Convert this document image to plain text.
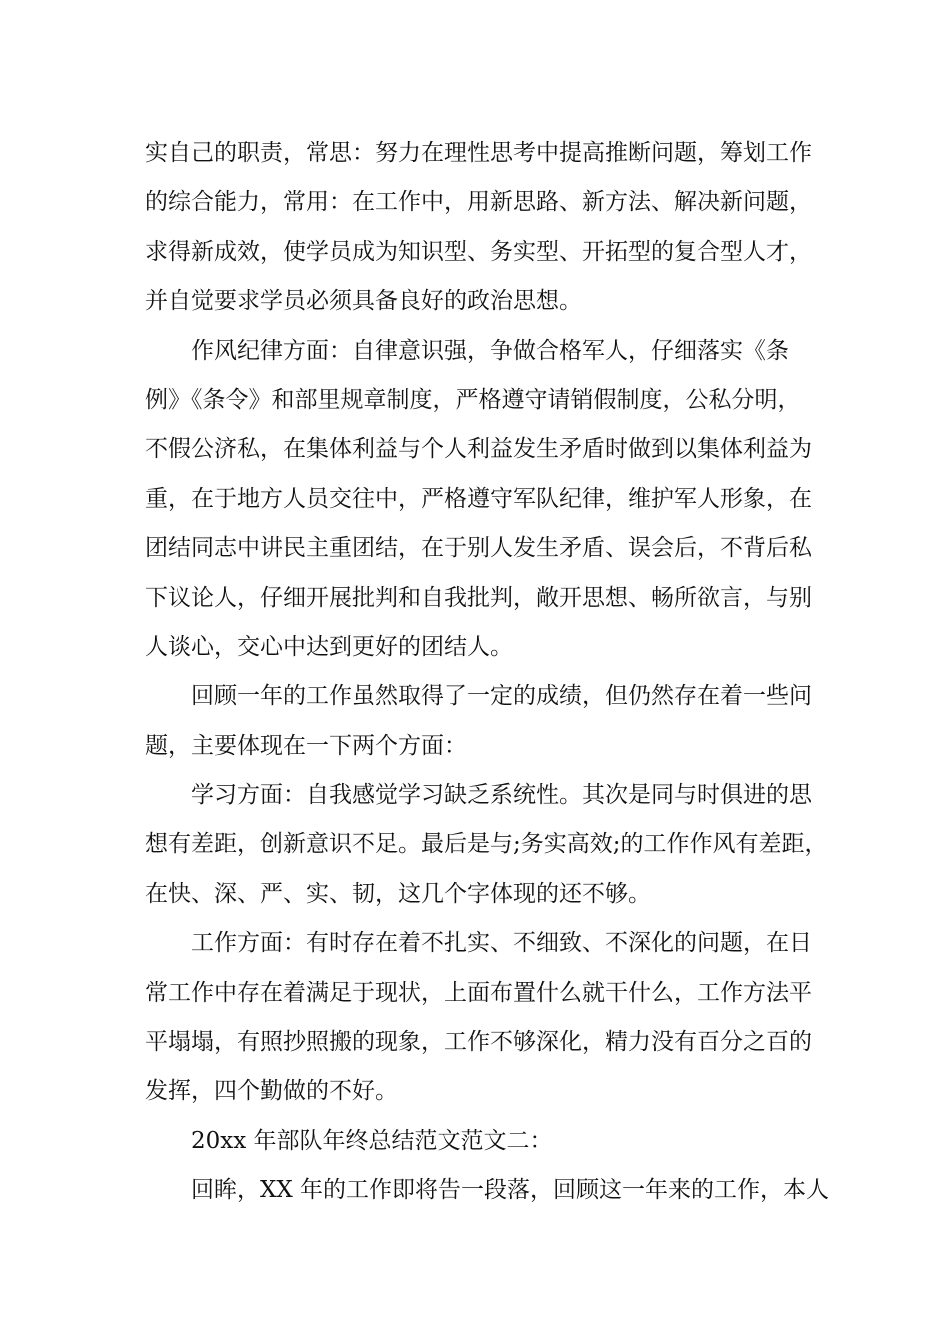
实自己的职责，常思：努力在理性思考中提高推断问题，筹划工作
的综合能力，常用：在工作中，用新思路、新方法、解决新问题，
求得新成效，使学员成为知识型、务实型、开拓型的复合型人才，
并自觉要求学员必须具备良好的政治思想。
作风纪律方面：自律意识强，争做合格军人，仔细落实《条
例》《条令》和部里规章制度，严格遵守请销假制度，公私分明，
不假公济私，在集体利益与个人利益发生矛盾时做到以集体利益为
重，在于地方人员交往中，严格遵守军队纪律，维护军人形象，在
团结同志中讲民主重团结，在于别人发生矛盾、误会后，不背后私
下议论人，仔细开展批判和自我批判，敞开思想、畅所欲言，与别
人谈心，交心中达到更好的团结人。
回顾一年的工作虽然取得了一定的成绩，但仍然存在着一些问
题，主要体现在一下两个方面：
学习方面：自我感觉学习缺乏系统性。其次是同与时俱进的思
想有差距，创新意识不足。最后是与;务实高效;的工作作风有差距，
在快、深、严、实、韧，这几个字体现的还不够。
工作方面：有时存在着不扎实、不细致、不深化的问题，在日
常工作中存在着满足于现状，上面布置什么就干什么，工作方法平
平塌塌，有照抄照搬的现象，工作不够深化，精力没有百分之百的
发挥，四个勤做的不好。
20xx 年部队年终总结范文范文二：
回眸，XX 年的工作即将告一段落，回顾这一年来的工作，本人
